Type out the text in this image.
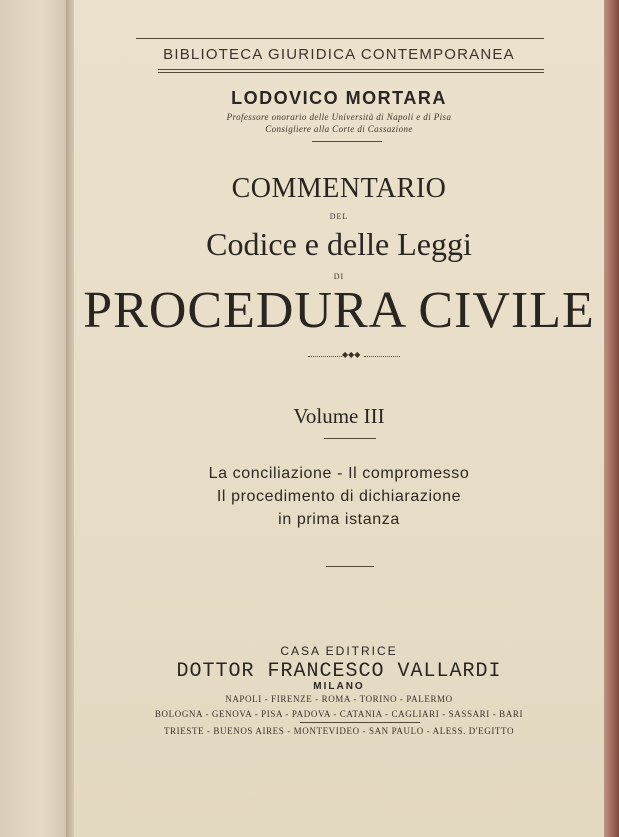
BIBLIOTECA GIURIDICA CONTEMPORANEA
LODOVICO MORTARA
Professore onorario delle Università di Napoli e di Pisa
Consigliere alla Corte di Cassazione
COMMENTARIO
DEL
Codice e delle Leggi
DI
PROCEDURA CIVILE
◆◆◆
Volume III
La conciliazione - Il compromesso
Il procedimento di dichiarazione
in prima istanza
CASA EDITRICE
DOTTOR FRANCESCO VALLARDI
MILANO
NAPOLI - FIRENZE - ROMA - TORINO - PALERMO
BOLOGNA - GENOVA - PISA - PADOVA - CATANIA - CAGLIARI - SASSARI - BARI
TRIESTE - BUENOS AIRES - MONTEVIDEO - SAN PAULO - ALESS. D'EGITTO
